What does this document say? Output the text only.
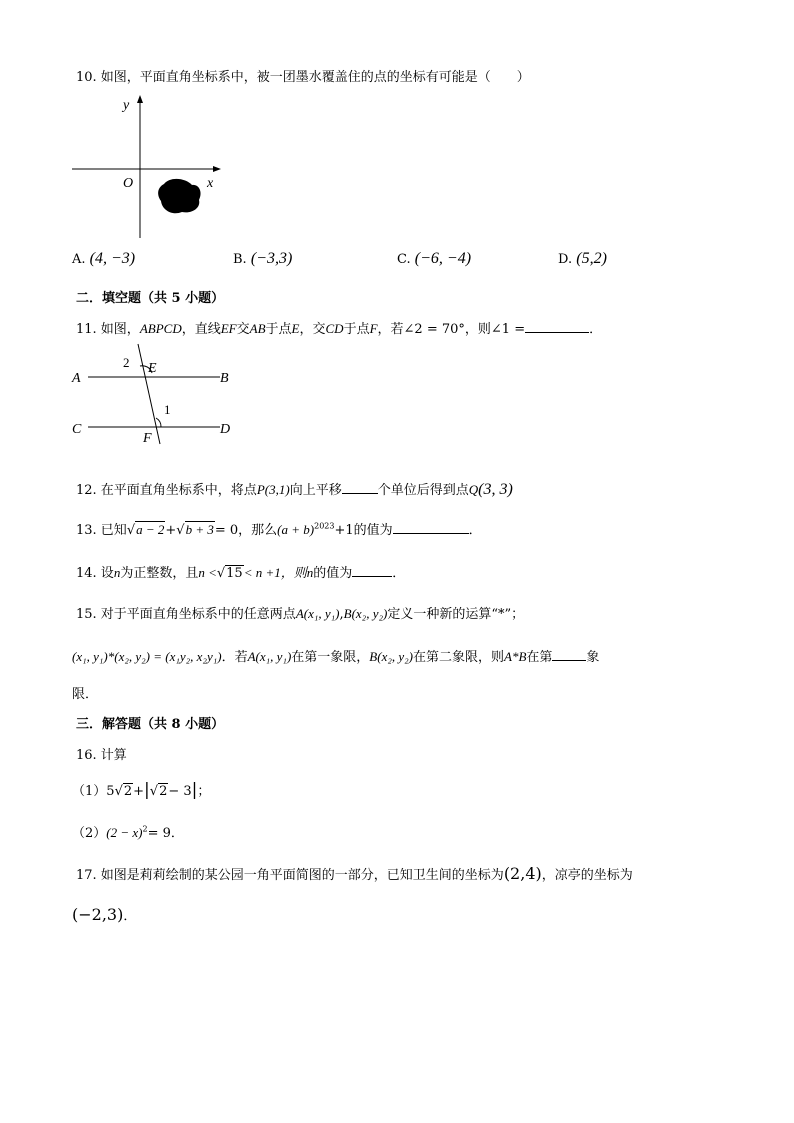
10. 如图，平面直角坐标系中，被一团墨水覆盖住的点的坐标有可能是（　　）
y
x
O
A. (4, −3)	B. (−3,3)	C. (−6, −4)	D. (5,2)
二．填空题（共 5 小题）
11. 如图，ABPCD，直线EF交AB于点E，交CD于点F，若∠2 = 70°，则∠1 =	．
A	B
C	D
E
F
1
2
12. 在平面直角坐标系中，将点P(3,1)向上平移	个单位后得到点Q(3, 3)
13. 已知√a − 2+√b + 3= 0，那么$(a + b)^{2023}+1$的值为	．
14. 设n为正整数，且n <√15< n +1，则n的值为	．
15. 对于平面直角坐标系中的任意两点A(x₁, y₁),B(x₂, y₂)定义一种新的运算“*”；
(x₁, y₁)*(x₂, y₂) = (x₁y₂, x₂y₁)．若A(x₁, y₁)在第一象限，B(x₂, y₂)在第二象限，则A*B在第	象
限．
三．解答题（共 8 小题）
16. 计算
（1）5√2+|√2− 3|；
$(2)(2 - x)^2= 9$．
17. 如图是莉莉绘制的某公园一角平面简图的一部分，已知卫生间的坐标为(2,4)，凉亭的坐标为
(−2,3)．
